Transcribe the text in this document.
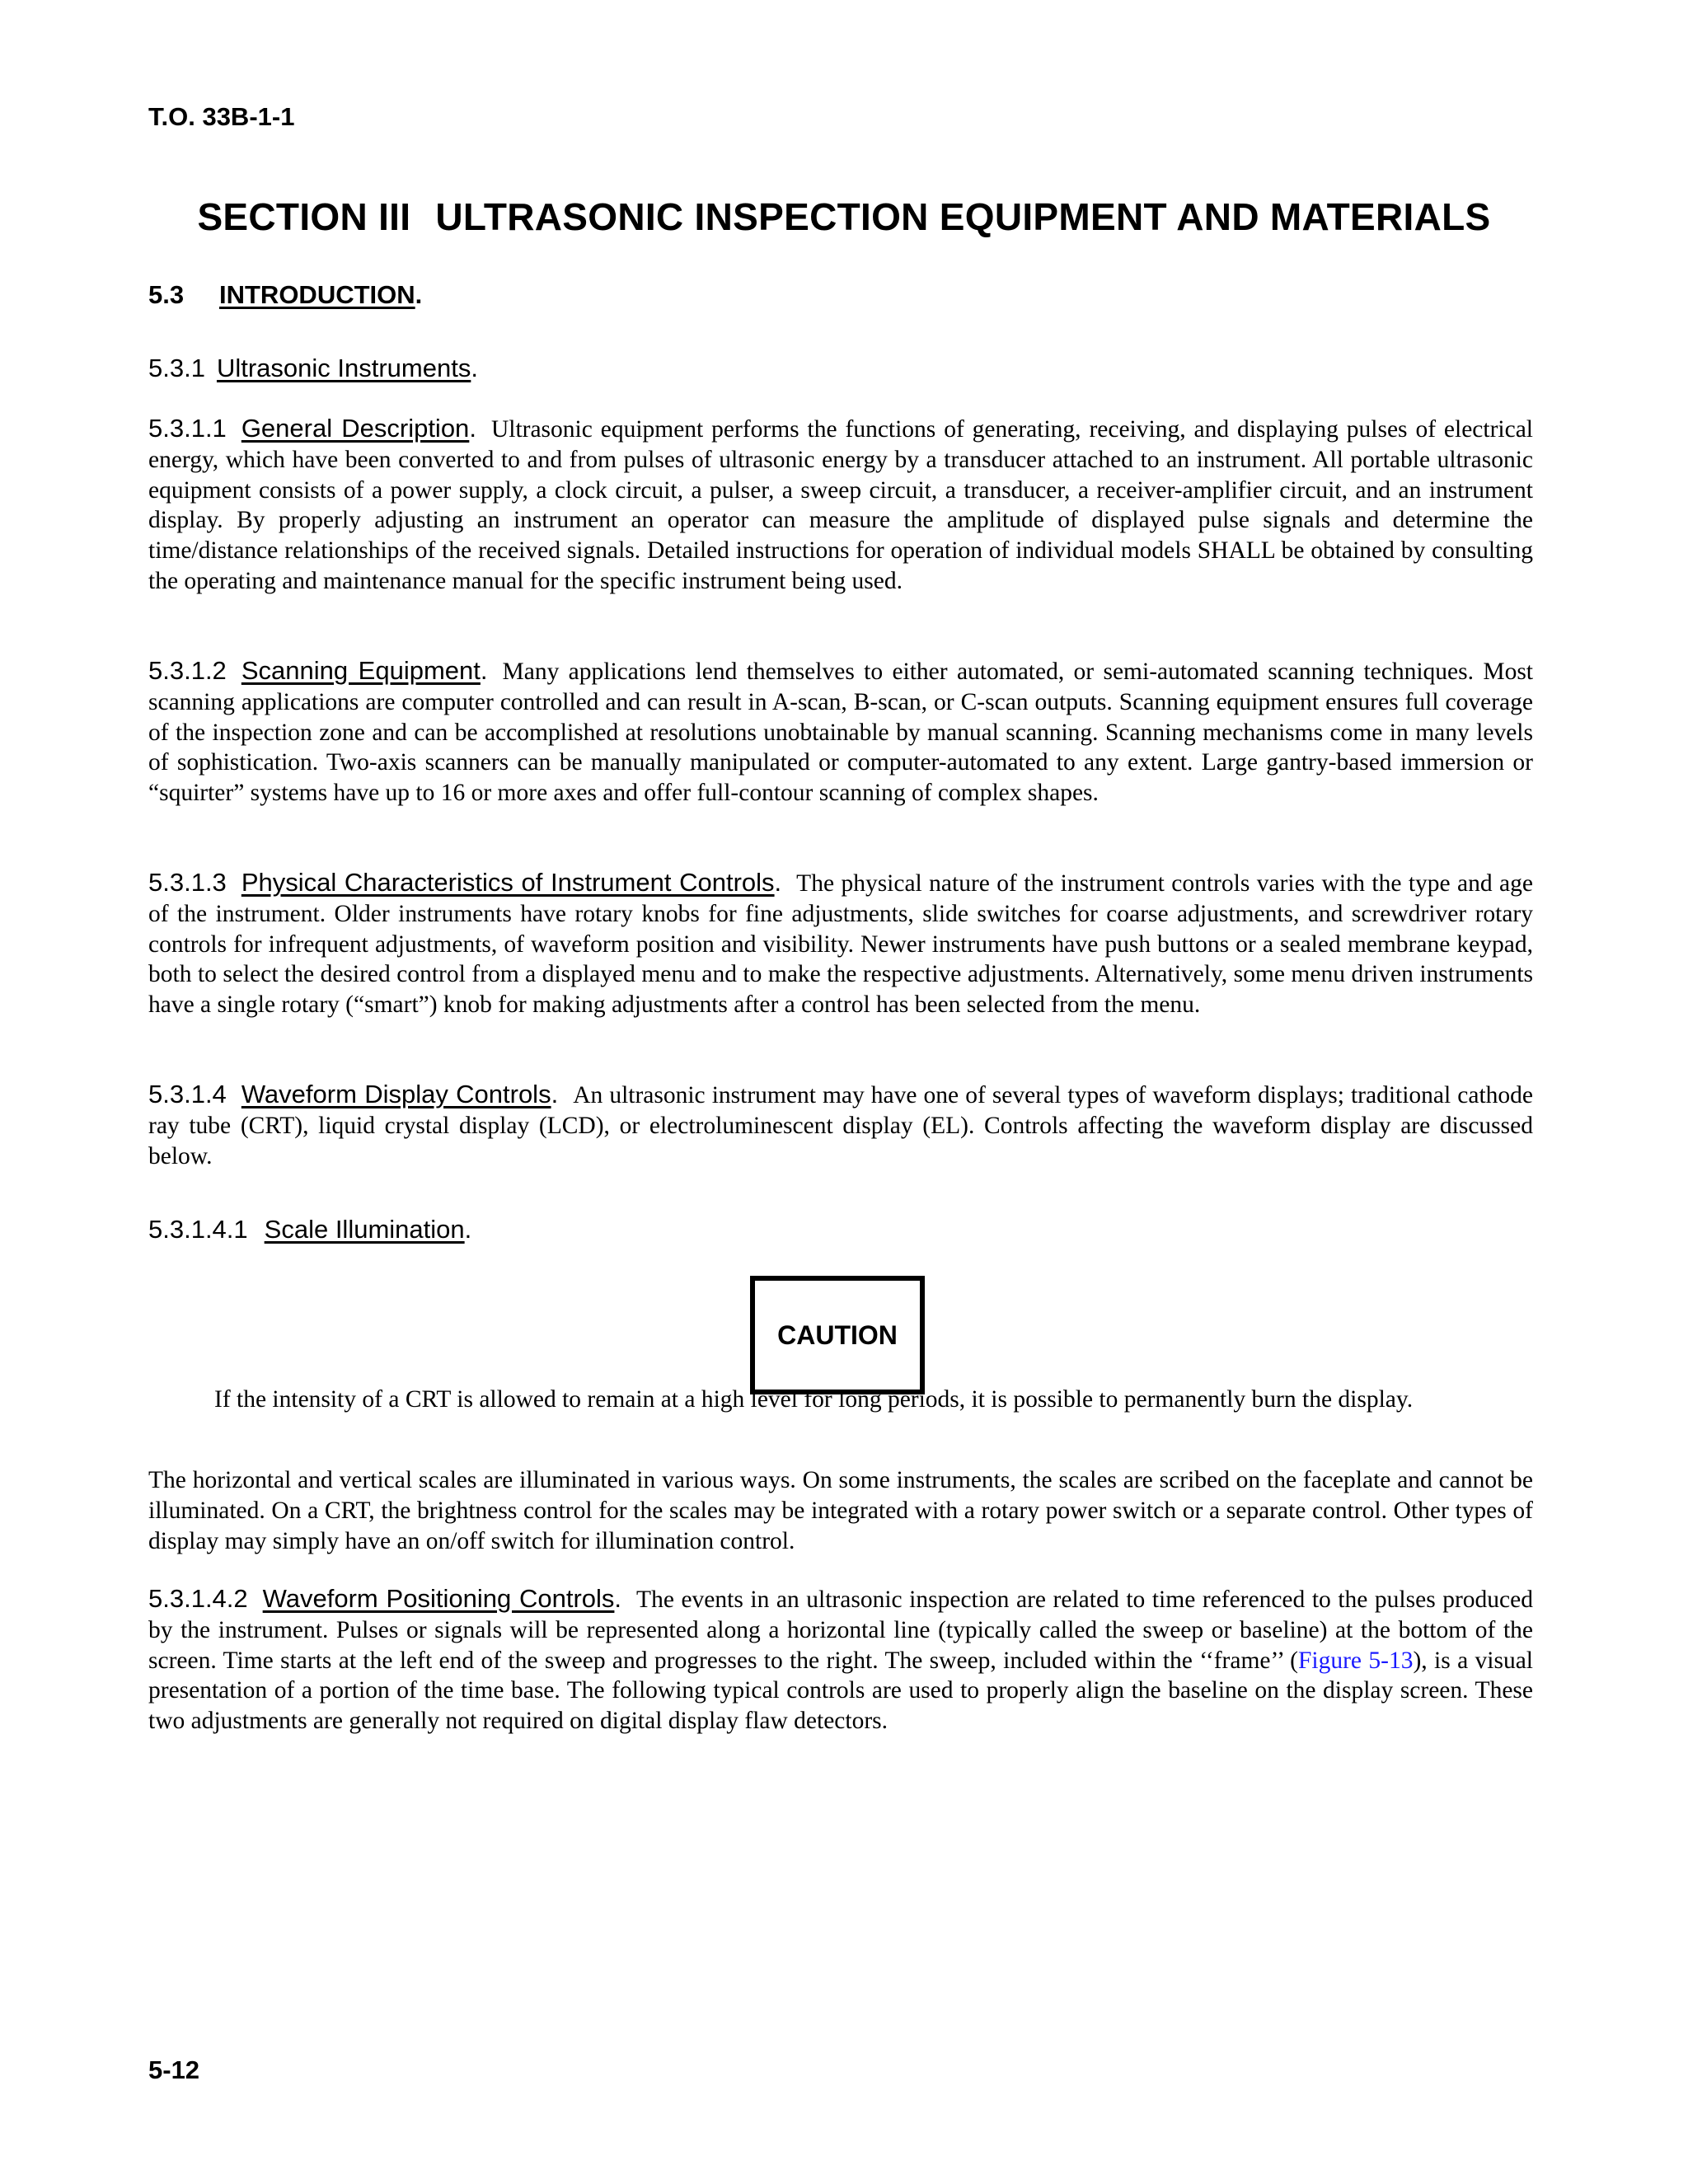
T.O. 33B-1-1
SECTION III ULTRASONIC INSPECTION EQUIPMENT AND MATERIALS
5.3 INTRODUCTION.
5.3.1 Ultrasonic Instruments.
5.3.1.1 General Description. Ultrasonic equipment performs the functions of generating, receiving, and displaying pulses of electrical energy, which have been converted to and from pulses of ultrasonic energy by a transducer attached to an instrument. All portable ultrasonic equipment consists of a power supply, a clock circuit, a pulser, a sweep circuit, a transducer, a receiver-amplifier circuit, and an instrument display. By properly adjusting an instrument an operator can measure the amplitude of displayed pulse signals and determine the time/distance relationships of the received signals. Detailed instructions for operation of individual models SHALL be obtained by consulting the operating and maintenance manual for the specific instrument being used.
5.3.1.2 Scanning Equipment. Many applications lend themselves to either automated, or semi-automated scanning techniques. Most scanning applications are computer controlled and can result in A-scan, B-scan, or C-scan outputs. Scanning equipment ensures full coverage of the inspection zone and can be accomplished at resolutions unobtainable by manual scanning. Scanning mechanisms come in many levels of sophistication. Two-axis scanners can be manually manipulated or computer-automated to any extent. Large gantry-based immersion or “squirter” systems have up to 16 or more axes and offer full-contour scanning of complex shapes.
5.3.1.3 Physical Characteristics of Instrument Controls. The physical nature of the instrument controls varies with the type and age of the instrument. Older instruments have rotary knobs for fine adjustments, slide switches for coarse adjustments, and screwdriver rotary controls for infrequent adjustments, of waveform position and visibility. Newer instruments have push buttons or a sealed membrane keypad, both to select the desired control from a displayed menu and to make the respective adjustments. Alternatively, some menu driven instruments have a single rotary (“smart”) knob for making adjustments after a control has been selected from the menu.
5.3.1.4 Waveform Display Controls. An ultrasonic instrument may have one of several types of waveform displays; traditional cathode ray tube (CRT), liquid crystal display (LCD), or electroluminescent display (EL). Controls affecting the waveform display are discussed below.
5.3.1.4.1 Scale Illumination.
CAUTION
If the intensity of a CRT is allowed to remain at a high level for long periods, it is possible to permanently burn the display.
The horizontal and vertical scales are illuminated in various ways. On some instruments, the scales are scribed on the faceplate and cannot be illuminated. On a CRT, the brightness control for the scales may be integrated with a rotary power switch or a separate control. Other types of display may simply have an on/off switch for illumination control.
5.3.1.4.2 Waveform Positioning Controls. The events in an ultrasonic inspection are related to time referenced to the pulses produced by the instrument. Pulses or signals will be represented along a horizontal line (typically called the sweep or baseline) at the bottom of the screen. Time starts at the left end of the sweep and progresses to the right. The sweep, included within the ‘‘frame’’ (Figure 5-13), is a visual presentation of a portion of the time base. The following typical controls are used to properly align the baseline on the display screen. These two adjustments are generally not required on digital display flaw detectors.
5-12
